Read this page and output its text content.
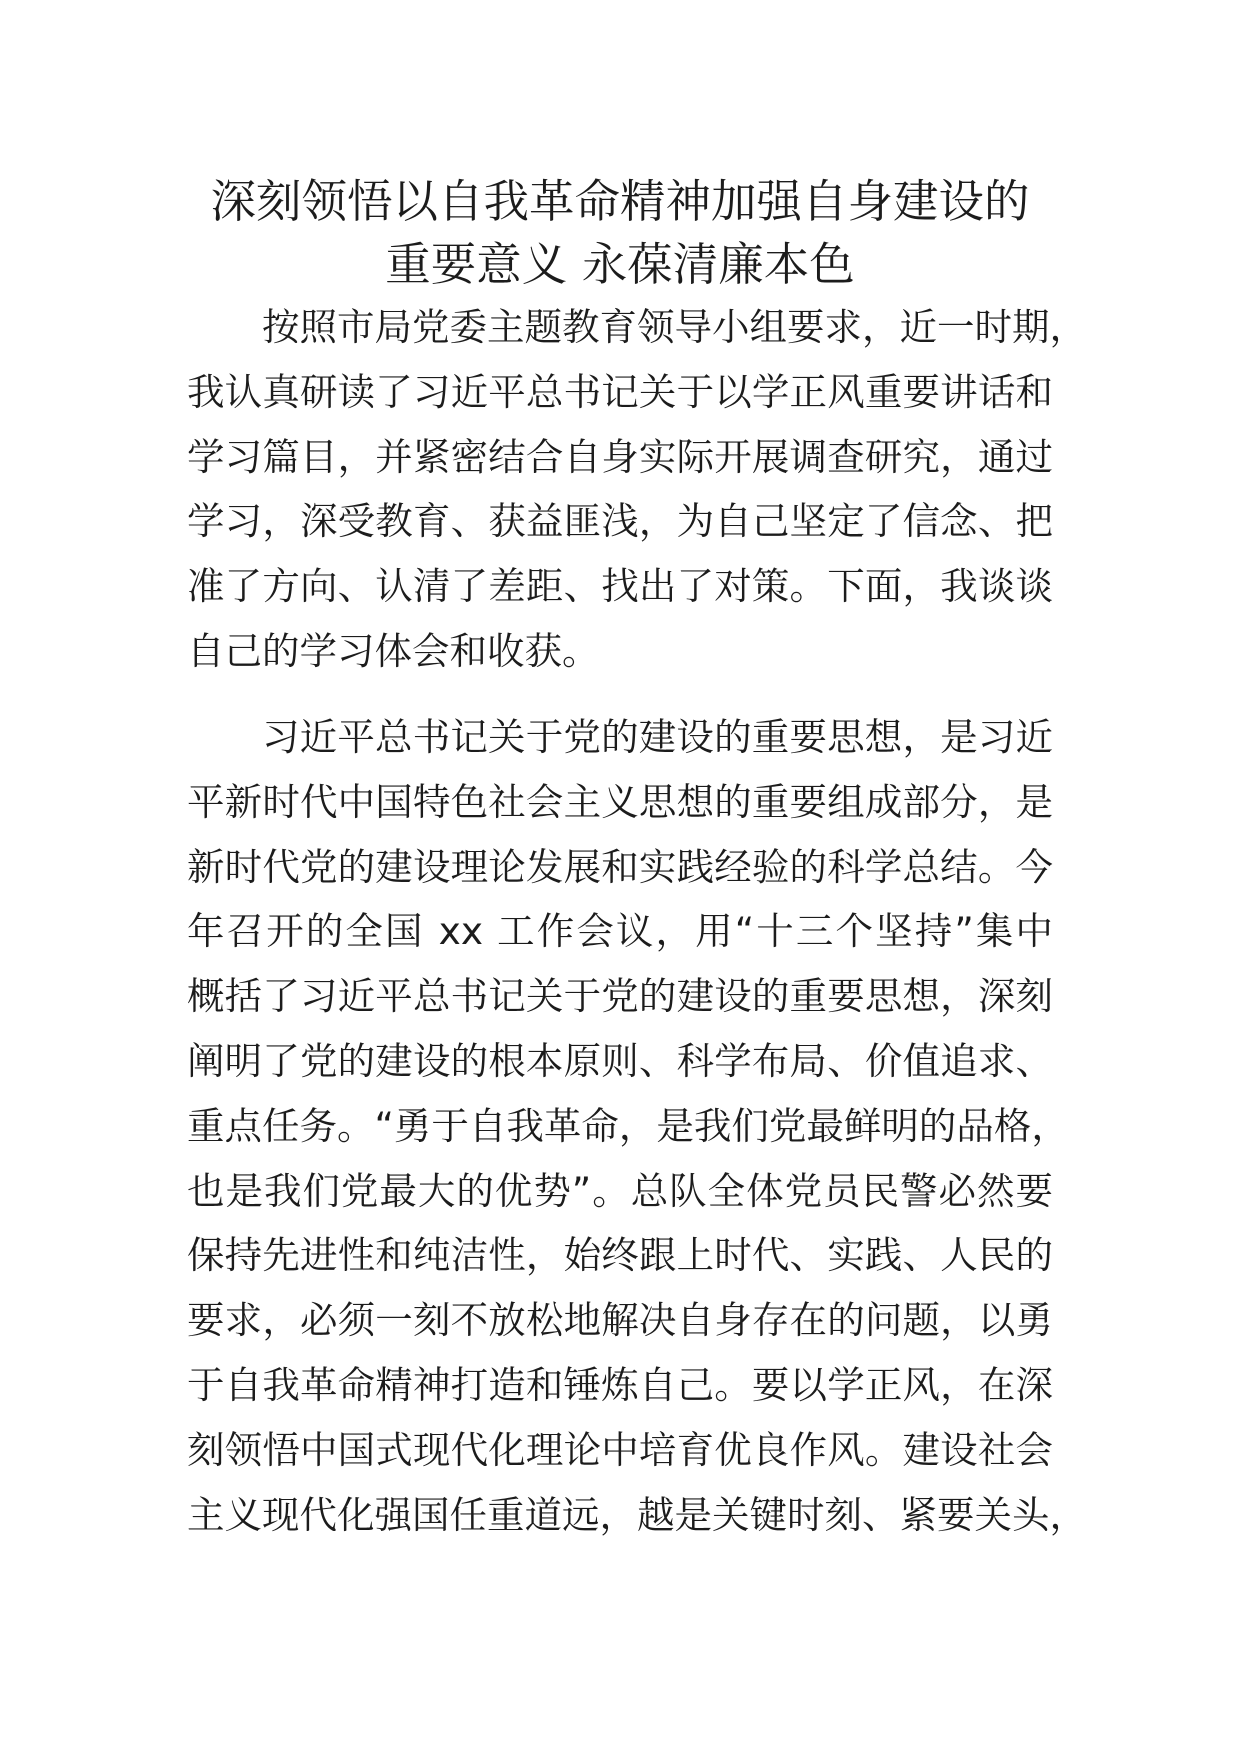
深刻领悟以自我革命精神加强自身建设的
重要意义 永葆清廉本色
按照市局党委主题教育领导小组要求，近一时期，
我认真研读了习近平总书记关于以学正风重要讲话和
学习篇目，并紧密结合自身实际开展调查研究，通过
学习，深受教育、获益匪浅，为自己坚定了信念、把
准了方向、认清了差距、找出了对策。下面，我谈谈
自己的学习体会和收获。
习近平总书记关于党的建设的重要思想，是习近
平新时代中国特色社会主义思想的重要组成部分，是
新时代党的建设理论发展和实践经验的科学总结。今
年召开的全国 xx 工作会议，用“十三个坚持”集中
概括了习近平总书记关于党的建设的重要思想，深刻
阐明了党的建设的根本原则、科学布局、价值追求、
重点任务。“勇于自我革命，是我们党最鲜明的品格，
也是我们党最大的优势”。总队全体党员民警必然要
保持先进性和纯洁性，始终跟上时代、实践、人民的
要求，必须一刻不放松地解决自身存在的问题，以勇
于自我革命精神打造和锤炼自己。要以学正风，在深
刻领悟中国式现代化理论中培育优良作风。建设社会
主义现代化强国任重道远，越是关键时刻、紧要关头，
